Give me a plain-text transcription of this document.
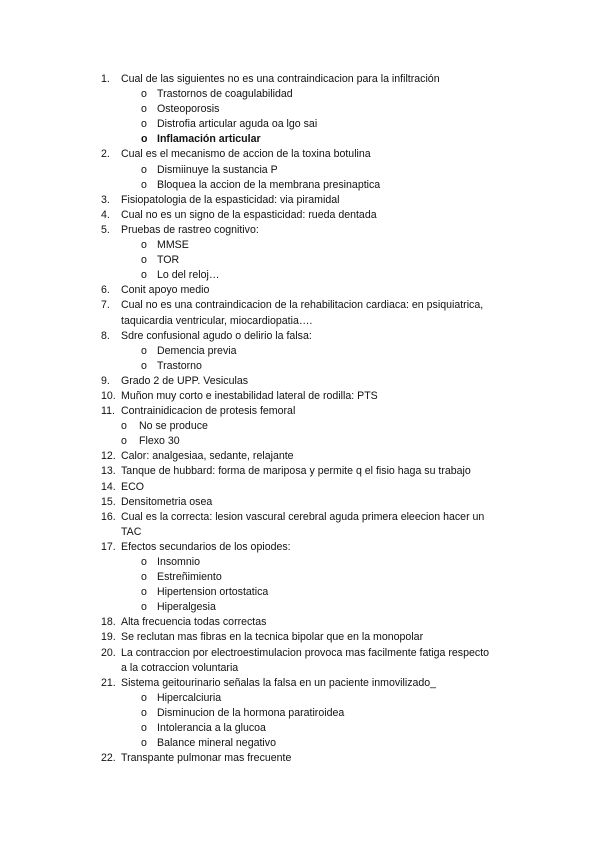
1. Cual de las siguientes no es una contraindicacion para la infiltración
o Trastornos de coagulabilidad
o Osteoporosis
o Distrofia articular aguda oa lgo sai
o Inflamación articular
2. Cual es el mecanismo de accion de la toxina botulina
o Dismiinuye la sustancia P
o Bloquea la accion de la membrana presinaptica
3. Fisiopatologia de la espasticidad: via piramidal
4. Cual no es un signo de la espasticidad: rueda dentada
5. Pruebas de rastreo cognitivo:
o MMSE
o TOR
o Lo del reloj…
6. Conit apoyo medio
7. Cual no es una contraindicacion de la rehabilitacion cardiaca: en psiquiatrica,
taquicardia ventricular, miocardiopatia….
8. Sdre confusional agudo o delirio la falsa:
o Demencia previa
o Trastorno
9. Grado 2 de UPP. Vesiculas
10. Muñon muy corto e inestabilidad lateral de rodilla: PTS
11. Contrainidicacion de protesis femoral
o No se produce
o Flexo 30
12. Calor: analgesiaa, sedante, relajante
13. Tanque de hubbard: forma de mariposa y permite q el fisio haga su trabajo
14. ECO
15. Densitometria osea
16. Cual es la correcta: lesion vascural cerebral aguda primera eleecion hacer un
TAC
17. Efectos secundarios de los opiodes:
o Insomnio
o Estreñimiento
o Hipertension ortostatica
o Hiperalgesia
18. Alta frecuencia todas correctas
19. Se reclutan mas fibras en la tecnica bipolar que en la monopolar
20. La contraccion por electroestimulacion provoca mas facilmente fatiga respecto
a la cotraccion voluntaria
21. Sistema geitourinario señalas la falsa en un paciente inmovilizado_
o Hipercalciuria
o Disminucion de la hormona paratiroidea
o Intolerancia a la glucoa
o Balance mineral negativo
22. Transpante pulmonar mas frecuente
